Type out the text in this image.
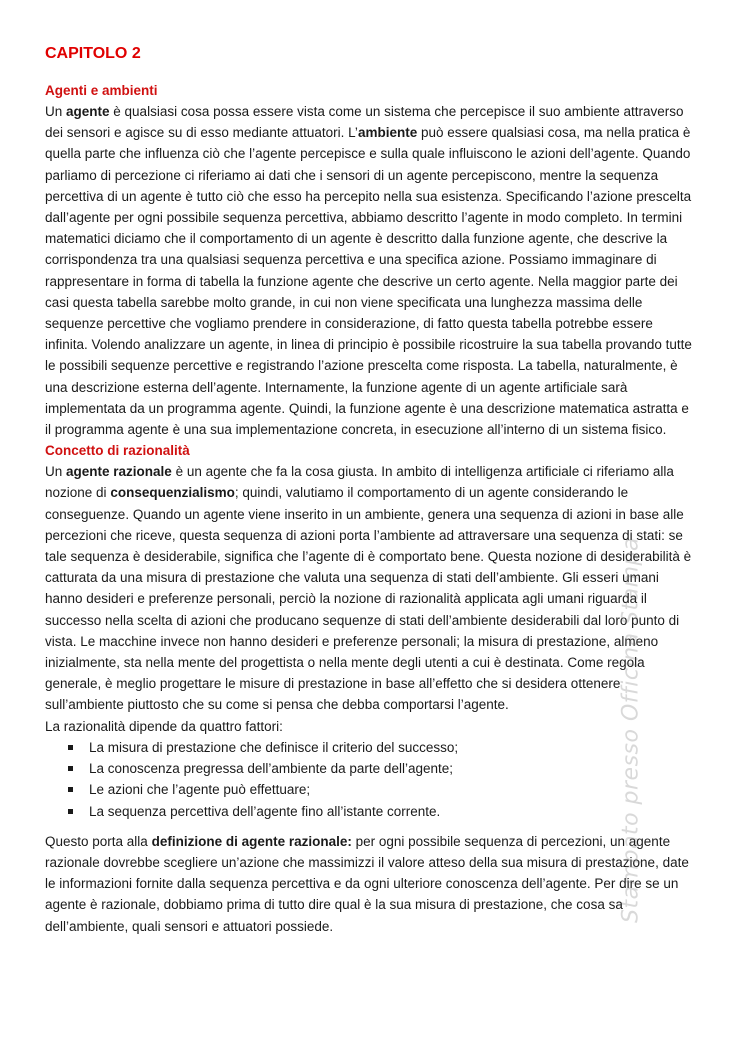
CAPITOLO 2
Agenti e ambienti

Un agente è qualsiasi cosa possa essere vista come un sistema che percepisce il suo ambiente attraverso dei sensori e agisce su di esso mediante attuatori. L’ambiente può essere qualsiasi cosa, ma nella pratica è quella parte che influenza ciò che l’agente percepisce e sulla quale influiscono le azioni dell’agente. Quando parliamo di percezione ci riferiamo ai dati che i sensori di un agente percepiscono, mentre la sequenza percettiva di un agente è tutto ciò che esso ha percepito nella sua esistenza. Specificando l’azione prescelta dall’agente per ogni possibile sequenza percettiva, abbiamo descritto l’agente in modo completo. In termini matematici diciamo che il comportamento di un agente è descritto dalla funzione agente, che descrive la corrispondenza tra una qualsiasi sequenza percettiva e una specifica azione. Possiamo immaginare di rappresentare in forma di tabella la funzione agente che descrive un certo agente. Nella maggior parte dei casi questa tabella sarebbe molto grande, in cui non viene specificata una lunghezza massima delle sequenze percettive che vogliamo prendere in considerazione, di fatto questa tabella potrebbe essere infinita. Volendo analizzare un agente, in linea di principio è possibile ricostruire la sua tabella provando tutte le possibili sequenze percettive e registrando l’azione prescelta come risposta. La tabella, naturalmente, è una descrizione esterna dell’agente. Internamente, la funzione agente di un agente artificiale sarà implementata da un programma agente. Quindi, la funzione agente è una descrizione matematica astratta e il programma agente è una sua implementazione concreta, in esecuzione all’interno di un sistema fisico.

Concetto di razionalità

Un agente razionale è un agente che fa la cosa giusta. In ambito di intelligenza artificiale ci riferiamo alla nozione di consequenzialismo; quindi, valutiamo il comportamento di un agente considerando le conseguenze. Quando un agente viene inserito in un ambiente, genera una sequenza di azioni in base alle percezioni che riceve, questa sequenza di azioni porta l’ambiente ad attraversare una sequenza di stati: se tale sequenza è desiderabile, significa che l’agente di è comportato bene. Questa nozione di desiderabilità è catturata da una misura di prestazione che valuta una sequenza di stati dell’ambiente. Gli esseri umani hanno desideri e preferenze personali, perciò la nozione di razionalità applicata agli umani riguarda il successo nella scelta di azioni che producano sequenze di stati dell’ambiente desiderabili dal loro punto di vista. Le macchine invece non hanno desideri e preferenze personali; la misura di prestazione, almeno inizialmente, sta nella mente del progettista o nella mente degli utenti a cui è destinata. Come regola generale, è meglio progettare le misure di prestazione in base all’effetto che si desidera ottenere sull’ambiente piuttosto che su come si pensa che debba comportarsi l’agente.

La razionalità dipende da quattro fattori:

La misura di prestazione che definisce il criterio del successo;
La conoscenza pregressa dell’ambiente da parte dell’agente;
Le azioni che l’agente può effettuare;
La sequenza percettiva dell’agente fino all’istante corrente.

Questo porta alla definizione di agente razionale: per ogni possibile sequenza di percezioni, un agente razionale dovrebbe scegliere un’azione che massimizzi il valore atteso della sua misura di prestazione, date le informazioni fornite dalla sequenza percettiva e da ogni ulteriore conoscenza dell’agente. Per dire se un agente è razionale, dobbiamo prima di tutto dire qual è la sua misura di prestazione, che cosa sa dell’ambiente, quali sensori e attuatori possiede.

Stampato presso Officina Stampa
